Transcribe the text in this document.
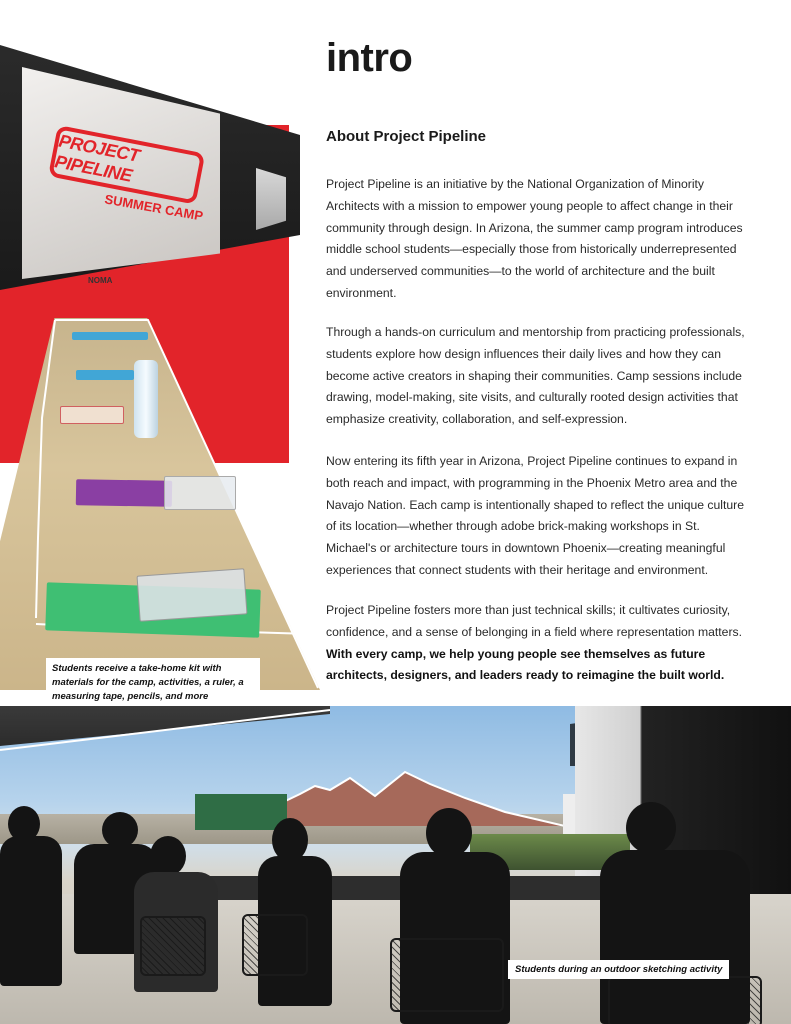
PROJECT PIPELINE
SUMMER CAMP
NOMA
Students receive a take-home kit with materials for the camp, activities, a ruler, a measuring tape, pencils, and more
intro
About Project Pipeline

Project Pipeline is an initiative by the National Organization of Minority Architects with a mission to empower young people to affect change in their community through design. In Arizona, the summer camp program introduces middle school students—especially those from historically underrepresented and underserved communities—to the world of architecture and the built environment.

Through a hands-on curriculum and mentorship from practicing professionals, students explore how design influences their daily lives and how they can become active creators in shaping their communities. Camp sessions include drawing, model-making, site visits, and culturally rooted design activities that emphasize creativity, collaboration, and self-expression.

Now entering its fifth year in Arizona, Project Pipeline continues to expand in both reach and impact, with programming in the Phoenix Metro area and the Navajo Nation. Each camp is intentionally shaped to reflect the unique culture of its location—whether through adobe brick-making workshops in St. Michael's or architecture tours in downtown Phoenix—creating meaningful experiences that connect students with their heritage and environment.

Project Pipeline fosters more than just technical skills; it cultivates curiosity, confidence, and a sense of belonging in a field where representation matters. With every camp, we help young people see themselves as future architects, designers, and leaders ready to reimagine the built world.

Students during an outdoor sketching activity
